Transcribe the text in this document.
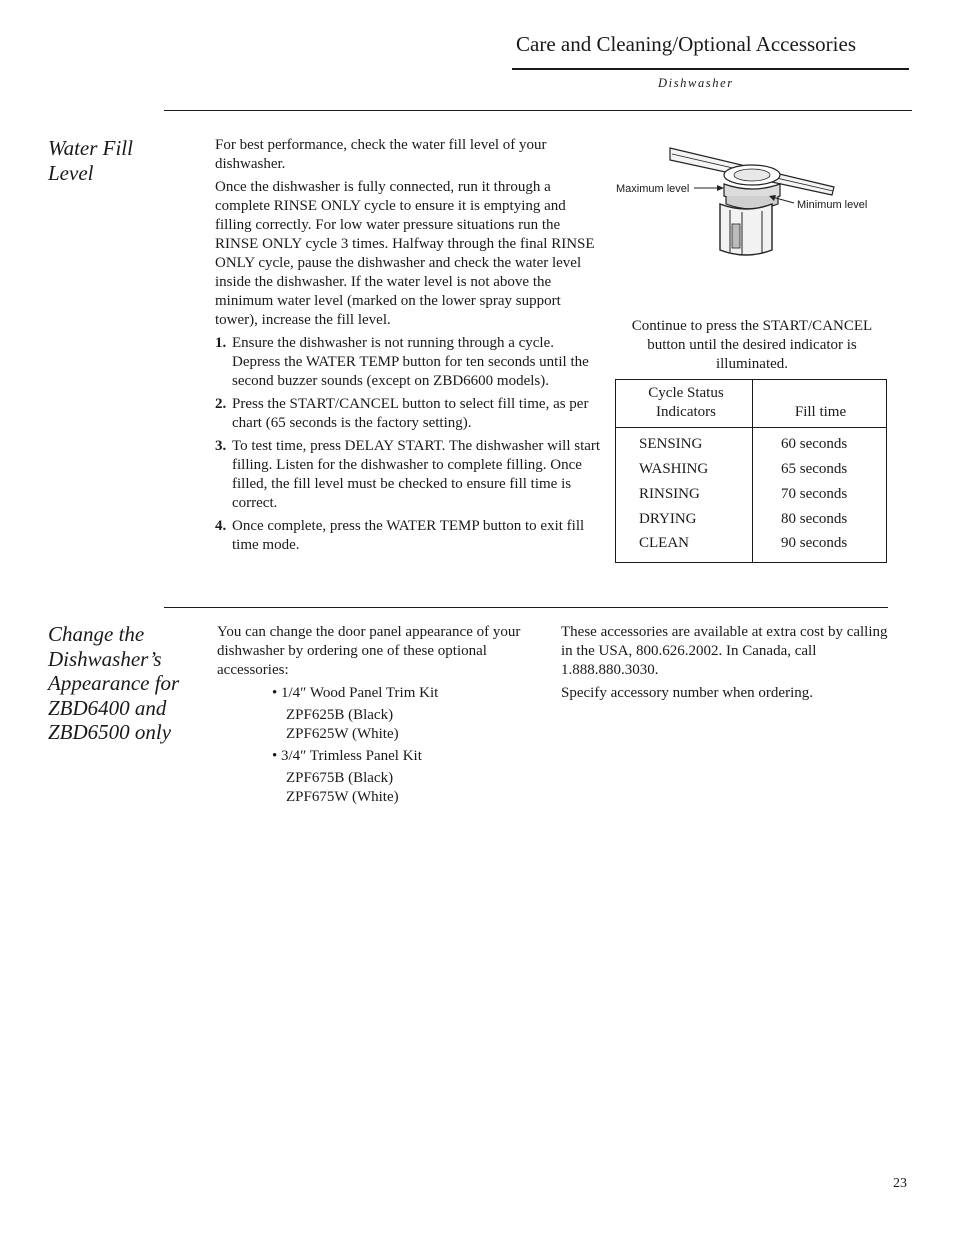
Care and Cleaning/Optional Accessories
Dishwasher
Water Fill Level

For best performance, check the water fill level of your dishwasher.

Once the dishwasher is fully connected, run it through a complete RINSE ONLY cycle to ensure it is emptying and filling correctly. For low water pressure situations run the RINSE ONLY cycle 3 times. Halfway through the final RINSE ONLY cycle, pause the dishwasher and check the water level inside the dishwasher. If the water level is not above the minimum water level (marked on the lower spray support tower), increase the fill level.

1. Ensure the dishwasher is not running through a cycle. Depress the WATER TEMP button for ten seconds until the second buzzer sounds (except on ZBD6600 models).
2. Press the START/CANCEL button to select fill time, as per chart (65 seconds is the factory setting).
3. To test time, press DELAY START. The dishwasher will start filling. Listen for the dishwasher to complete filling. Once filled, the fill level must be checked to ensure fill time is correct.
4. Once complete, press the WATER TEMP button to exit fill time mode.
Maximum level
Minimum level
Continue to press the START/CANCEL button until the desired indicator is illuminated.
Cycle Status Indicators	Fill time
SENSING	60 seconds
WASHING	65 seconds
RINSING	70 seconds
DRYING	80 seconds
CLEAN	90 seconds
Change the Dishwasher’s Appearance for ZBD6400 and ZBD6500 only

You can change the door panel appearance of your dishwasher by ordering one of these optional accessories:

• 1/4″ Wood Panel Trim Kit
ZPF625B (Black)
ZPF625W (White)
• 3/4″ Trimless Panel Kit
ZPF675B (Black)
ZPF675W (White)

These accessories are available at extra cost by calling in the USA, 800.626.2002. In Canada, call 1.888.880.3030.

Specify accessory number when ordering.

23
